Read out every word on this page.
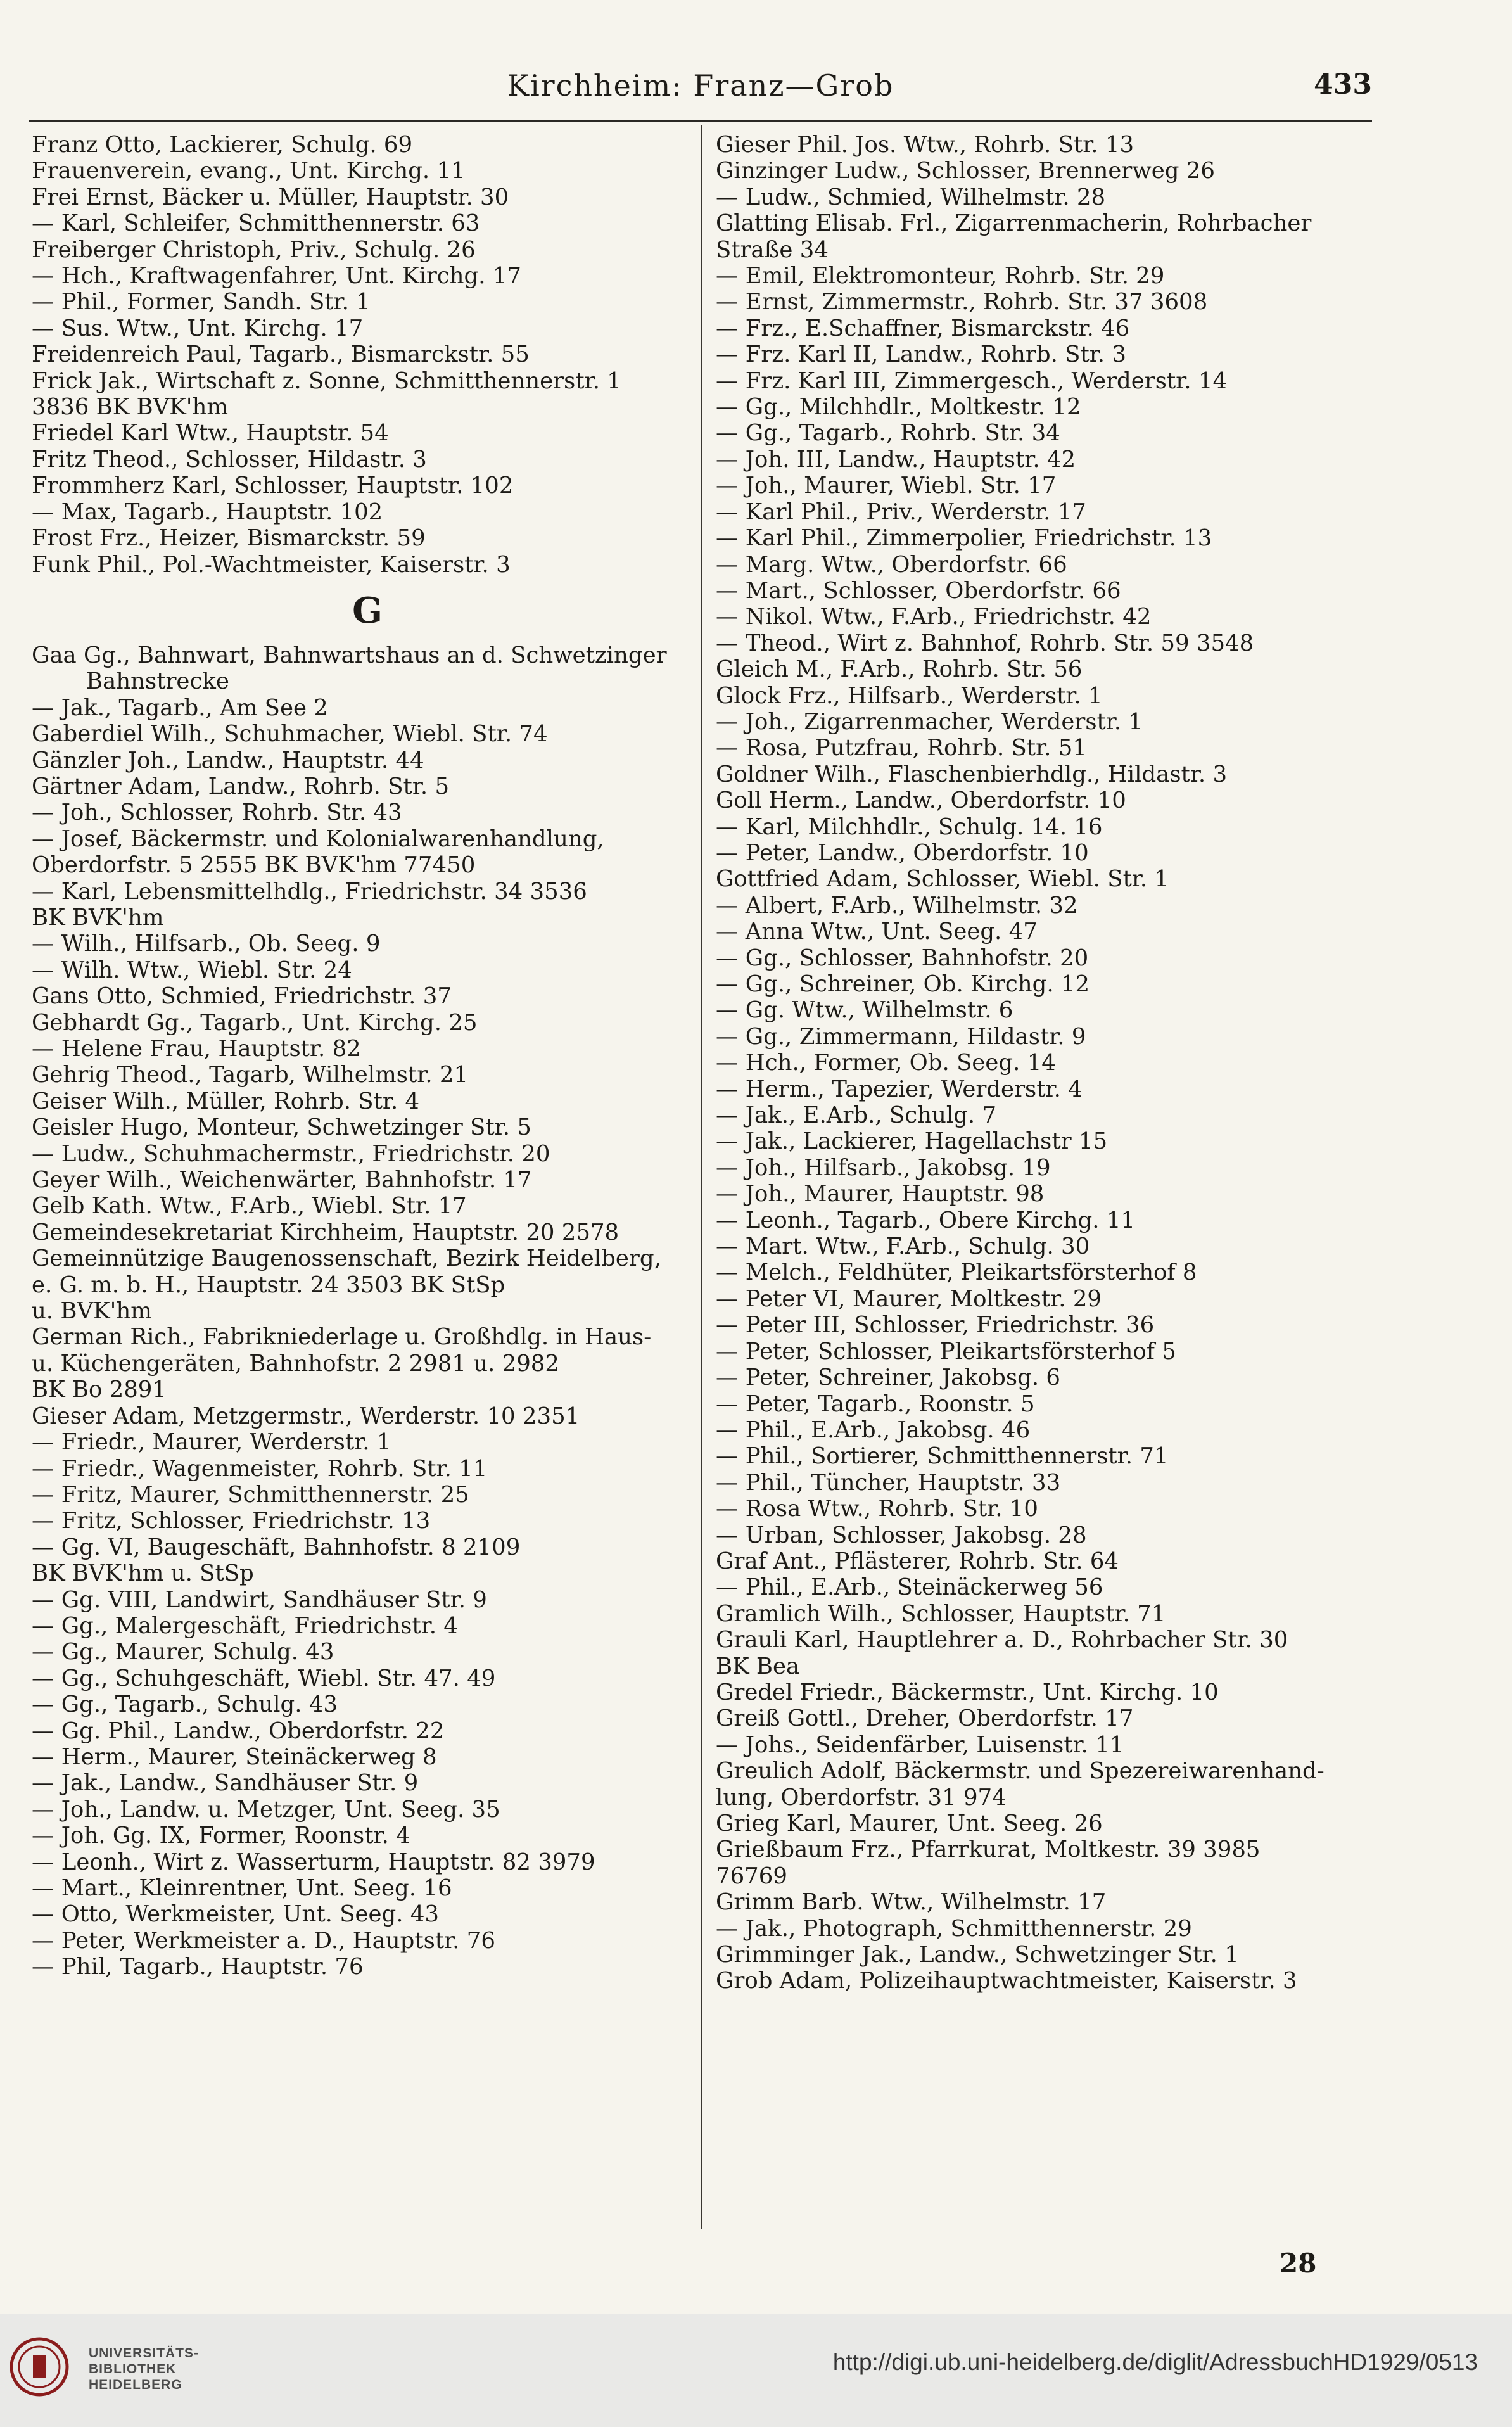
Kirchheim: Franz—Grob	433
Franz Otto, Lackierer, Schulg. 69
Frauenverein, evang., Unt. Kirchg. 11
Frei Ernst, Bäcker u. Müller, Hauptstr. 30
— Karl, Schleifer, Schmitthennerstr. 63
Freiberger Christoph, Priv., Schulg. 26
— Hch., Kraftwagenfahrer, Unt. Kirchg. 17
— Phil., Former, Sandh. Str. 1
— Sus. Wtw., Unt. Kirchg. 17
Freidenreich Paul, Tagarb., Bismarckstr. 55
Frick Jak., Wirtschaft z. Sonne, Schmitthennerstr. 1
3836 BK BVK'hm
Friedel Karl Wtw., Hauptstr. 54
Fritz Theod., Schlosser, Hildastr. 3
Frommherz Karl, Schlosser, Hauptstr. 102
— Max, Tagarb., Hauptstr. 102
Frost Frz., Heizer, Bismarckstr. 59
Funk Phil., Pol.-Wachtmeister, Kaiserstr. 3
G
Gaa Gg., Bahnwart, Bahnwartshaus an d. Schwetzinger Bahnstrecke
— Jak., Tagarb., Am See 2
Gaberdiel Wilh., Schuhmacher, Wiebl. Str. 74
Gänzler Joh., Landw., Hauptstr. 44
Gärtner Adam, Landw., Rohrb. Str. 5
— Joh., Schlosser, Rohrb. Str. 43
— Josef, Bäckermstr. und Kolonialwarenhandlung,
Oberdorfstr. 5 2555 BK BVK'hm 77450
— Karl, Lebensmittelhdlg., Friedrichstr. 34 3536
BK BVK'hm
— Wilh., Hilfsarb., Ob. Seeg. 9
— Wilh. Wtw., Wiebl. Str. 24
Gans Otto, Schmied, Friedrichstr. 37
Gebhardt Gg., Tagarb., Unt. Kirchg. 25
— Helene Frau, Hauptstr. 82
Gehrig Theod., Tagarb, Wilhelmstr. 21
Geiser Wilh., Müller, Rohrb. Str. 4
Geisler Hugo, Monteur, Schwetzinger Str. 5
— Ludw., Schuhmachermstr., Friedrichstr. 20
Geyer Wilh., Weichenwärter, Bahnhofstr. 17
Gelb Kath. Wtw., F.Arb., Wiebl. Str. 17
Gemeindesekretariat Kirchheim, Hauptstr. 20 2578
Gemeinnützige Baugenossenschaft, Bezirk Heidelberg,
e. G. m. b. H., Hauptstr. 24 3503 BK StSp
u. BVK'hm
German Rich., Fabrikniederlage u. Großhdlg. in Haus-
u. Küchengeräten, Bahnhofstr. 2 2981 u. 2982
BK Bo 2891
Gieser Adam, Metzgermstr., Werderstr. 10 2351
— Friedr., Maurer, Werderstr. 1
— Friedr., Wagenmeister, Rohrb. Str. 11
— Fritz, Maurer, Schmitthennerstr. 25
— Fritz, Schlosser, Friedrichstr. 13
— Gg. VI, Baugeschäft, Bahnhofstr. 8 2109
BK BVK'hm u. StSp
— Gg. VIII, Landwirt, Sandhäuser Str. 9
— Gg., Malergeschäft, Friedrichstr. 4
— Gg., Maurer, Schulg. 43
— Gg., Schuhgeschäft, Wiebl. Str. 47. 49
— Gg., Tagarb., Schulg. 43
— Gg. Phil., Landw., Oberdorfstr. 22
— Herm., Maurer, Steinäckerweg 8
— Jak., Landw., Sandhäuser Str. 9
— Joh., Landw. u. Metzger, Unt. Seeg. 35
— Joh. Gg. IX, Former, Roonstr. 4
— Leonh., Wirt z. Wasserturm, Hauptstr. 82 3979
— Mart., Kleinrentner, Unt. Seeg. 16
— Otto, Werkmeister, Unt. Seeg. 43
— Peter, Werkmeister a. D., Hauptstr. 76
— Phil, Tagarb., Hauptstr. 76
Gieser Phil. Jos. Wtw., Rohrb. Str. 13
Ginzinger Ludw., Schlosser, Brennerweg 26
— Ludw., Schmied, Wilhelmstr. 28
Glatting Elisab. Frl., Zigarrenmacherin, Rohrbacher
Straße 34
— Emil, Elektromonteur, Rohrb. Str. 29
— Ernst, Zimmermstr., Rohrb. Str. 37 3608
— Frz., E.Schaffner, Bismarckstr. 46
— Frz. Karl II, Landw., Rohrb. Str. 3
— Frz. Karl III, Zimmergesch., Werderstr. 14
— Gg., Milchhdlr., Moltkestr. 12
— Gg., Tagarb., Rohrb. Str. 34
— Joh. III, Landw., Hauptstr. 42
— Joh., Maurer, Wiebl. Str. 17
— Karl Phil., Priv., Werderstr. 17
— Karl Phil., Zimmerpolier, Friedrichstr. 13
— Marg. Wtw., Oberdorfstr. 66
— Mart., Schlosser, Oberdorfstr. 66
— Nikol. Wtw., F.Arb., Friedrichstr. 42
— Theod., Wirt z. Bahnhof, Rohrb. Str. 59 3548
Gleich M., F.Arb., Rohrb. Str. 56
Glock Frz., Hilfsarb., Werderstr. 1
— Joh., Zigarrenmacher, Werderstr. 1
— Rosa, Putzfrau, Rohrb. Str. 51
Goldner Wilh., Flaschenbierhdlg., Hildastr. 3
Goll Herm., Landw., Oberdorfstr. 10
— Karl, Milchhdlr., Schulg. 14. 16
— Peter, Landw., Oberdorfstr. 10
Gottfried Adam, Schlosser, Wiebl. Str. 1
— Albert, F.Arb., Wilhelmstr. 32
— Anna Wtw., Unt. Seeg. 47
— Gg., Schlosser, Bahnhofstr. 20
— Gg., Schreiner, Ob. Kirchg. 12
— Gg. Wtw., Wilhelmstr. 6
— Gg., Zimmermann, Hildastr. 9
— Hch., Former, Ob. Seeg. 14
— Herm., Tapezier, Werderstr. 4
— Jak., E.Arb., Schulg. 7
— Jak., Lackierer, Hagellachstr 15
— Joh., Hilfsarb., Jakobsg. 19
— Joh., Maurer, Hauptstr. 98
— Leonh., Tagarb., Obere Kirchg. 11
— Mart. Wtw., F.Arb., Schulg. 30
— Melch., Feldhüter, Pleikartsförsterhof 8
— Peter VI, Maurer, Moltkestr. 29
— Peter III, Schlosser, Friedrichstr. 36
— Peter, Schlosser, Pleikartsförsterhof 5
— Peter, Schreiner, Jakobsg. 6
— Peter, Tagarb., Roonstr. 5
— Phil., E.Arb., Jakobsg. 46
— Phil., Sortierer, Schmitthennerstr. 71
— Phil., Tüncher, Hauptstr. 33
— Rosa Wtw., Rohrb. Str. 10
— Urban, Schlosser, Jakobsg. 28
Graf Ant., Pflästerer, Rohrb. Str. 64
— Phil., E.Arb., Steinäckerweg 56
Gramlich Wilh., Schlosser, Hauptstr. 71
Grauli Karl, Hauptlehrer a. D., Rohrbacher Str. 30
BK Bea
Gredel Friedr., Bäckermstr., Unt. Kirchg. 10
Greiß Gottl., Dreher, Oberdorfstr. 17
— Johs., Seidenfärber, Luisenstr. 11
Greulich Adolf, Bäckermstr. und Spezereiwarenhand-
lung, Oberdorfstr. 31 974
Grieg Karl, Maurer, Unt. Seeg. 26
Grießbaum Frz., Pfarrkurat, Moltkestr. 39 3985
76769
Grimm Barb. Wtw., Wilhelmstr. 17
— Jak., Photograph, Schmitthennerstr. 29
Grimminger Jak., Landw., Schwetzinger Str. 1
Grob Adam, Polizeihauptwachtmeister, Kaiserstr. 3
28
UNIVERSITÄTS-
BIBLIOTHEK
HEIDELBERG
http://digi.ub.uni-heidelberg.de/diglit/AdressbuchHD1929/0513
